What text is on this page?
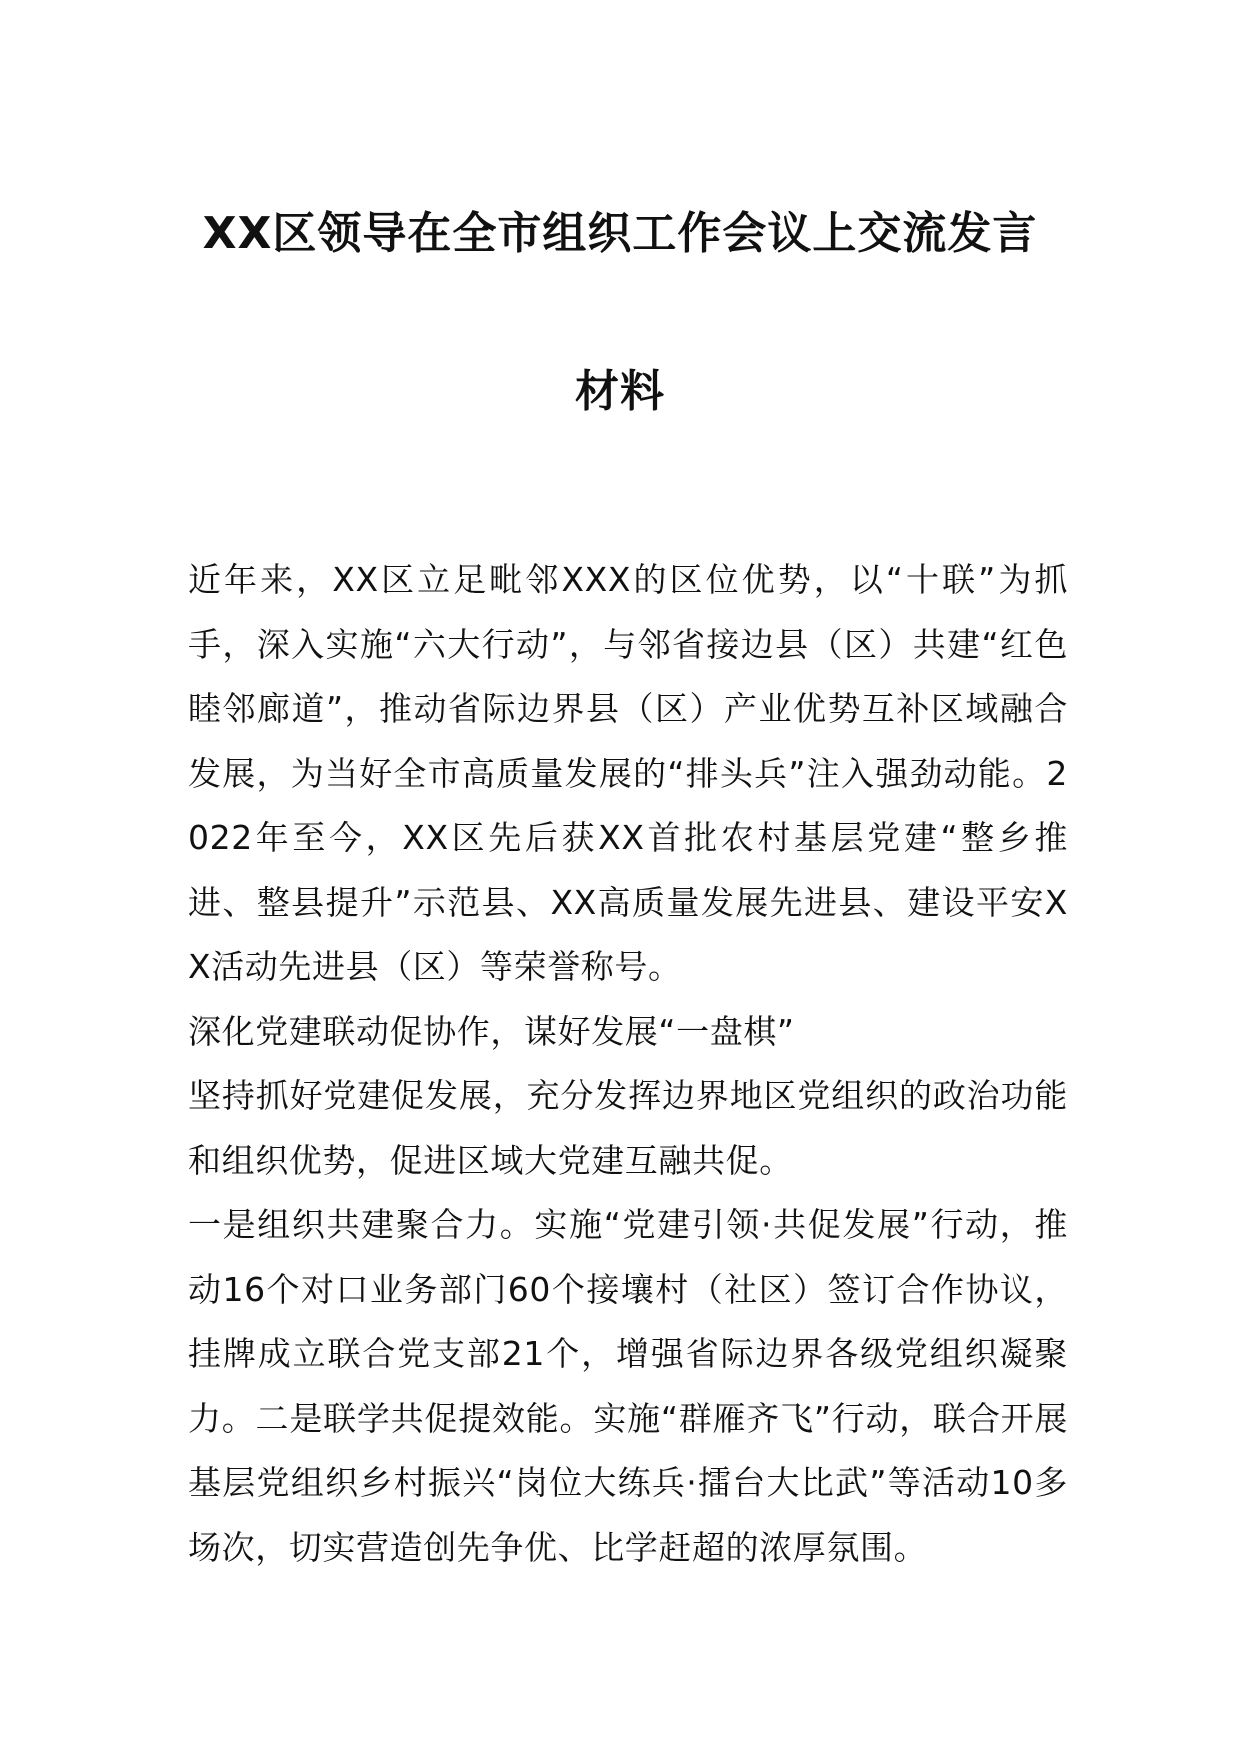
XX区领导在全市组织工作会议上交流发言
材料

近年来，XX区立足毗邻XXX的区位优势，以“十联”为抓手，深入实施“六大行动”，与邻省接边县（区）共建“红色睦邻廊道”，推动省际边界县（区）产业优势互补区域融合发展，为当好全市高质量发展的“排头兵”注入强劲动能。2022年至今，XX区先后获XX首批农村基层党建“整乡推进、整县提升”示范县、XX高质量发展先进县、建设平安XX活动先进县（区）等荣誉称号。

深化党建联动促协作，谋好发展“一盘棋”

坚持抓好党建促发展，充分发挥边界地区党组织的政治功能和组织优势，促进区域大党建互融共促。

一是组织共建聚合力。实施“党建引领·共促发展”行动，推动16个对口业务部门60个接壤村（社区）签订合作协议，挂牌成立联合党支部21个，增强省际边界各级党组织凝聚力。二是联学共促提效能。实施“群雁齐飞”行动，联合开展基层党组织乡村振兴“岗位大练兵·擂台大比武”等活动10多场次，切实营造创先争优、比学赶超的浓厚氛围。
